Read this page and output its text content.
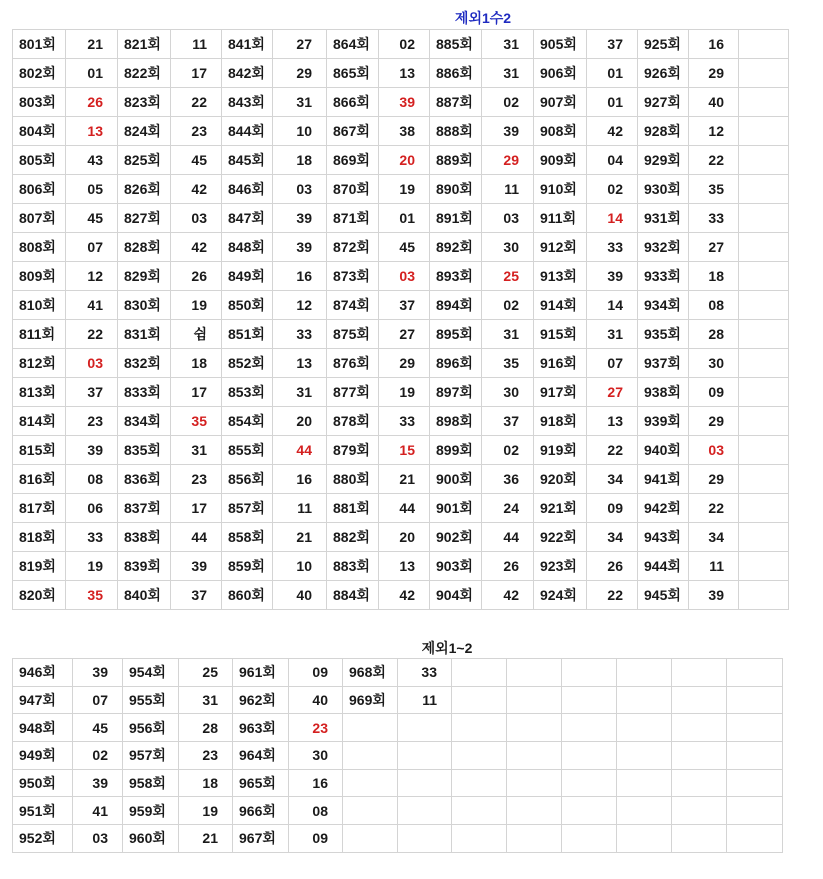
제외1수2
801회	21	821회	11	841회	27	864회	02	885회	31	905회	37	925회	16	
802회	01	822회	17	842회	29	865회	13	886회	31	906회	01	926회	29	
803회	26	823회	22	843회	31	866회	39	887회	02	907회	01	927회	40	
804회	13	824회	23	844회	10	867회	38	888회	39	908회	42	928회	12	
805회	43	825회	45	845회	18	869회	20	889회	29	909회	04	929회	22	
806회	05	826회	42	846회	03	870회	19	890회	11	910회	02	930회	35	
807회	45	827회	03	847회	39	871회	01	891회	03	911회	14	931회	33	
808회	07	828회	42	848회	39	872회	45	892회	30	912회	33	932회	27	
809회	12	829회	26	849회	16	873회	03	893회	25	913회	39	933회	18	
810회	41	830회	19	850회	12	874회	37	894회	02	914회	14	934회	08	
811회	22	831회	쉼	851회	33	875회	27	895회	31	915회	31	935회	28	
812회	03	832회	18	852회	13	876회	29	896회	35	916회	07	937회	30	
813회	37	833회	17	853회	31	877회	19	897회	30	917회	27	938회	09	
814회	23	834회	35	854회	20	878회	33	898회	37	918회	13	939회	29	
815회	39	835회	31	855회	44	879회	15	899회	02	919회	22	940회	03	
816회	08	836회	23	856회	16	880회	21	900회	36	920회	34	941회	29	
817회	06	837회	17	857회	11	881회	44	901회	24	921회	09	942회	22	
818회	33	838회	44	858회	21	882회	20	902회	44	922회	34	943회	34	
819회	19	839회	39	859회	10	883회	13	903회	26	923회	26	944회	11	
820회	35	840회	37	860회	40	884회	42	904회	42	924회	22	945회	39	
제외1~2
946회	39	954회	25	961회	09	968회	33						
947회	07	955회	31	962회	40	969회	11						
948회	45	956회	28	963회	23								
949회	02	957회	23	964회	30								
950회	39	958회	18	965회	16								
951회	41	959회	19	966회	08								
952회	03	960회	21	967회	09								
